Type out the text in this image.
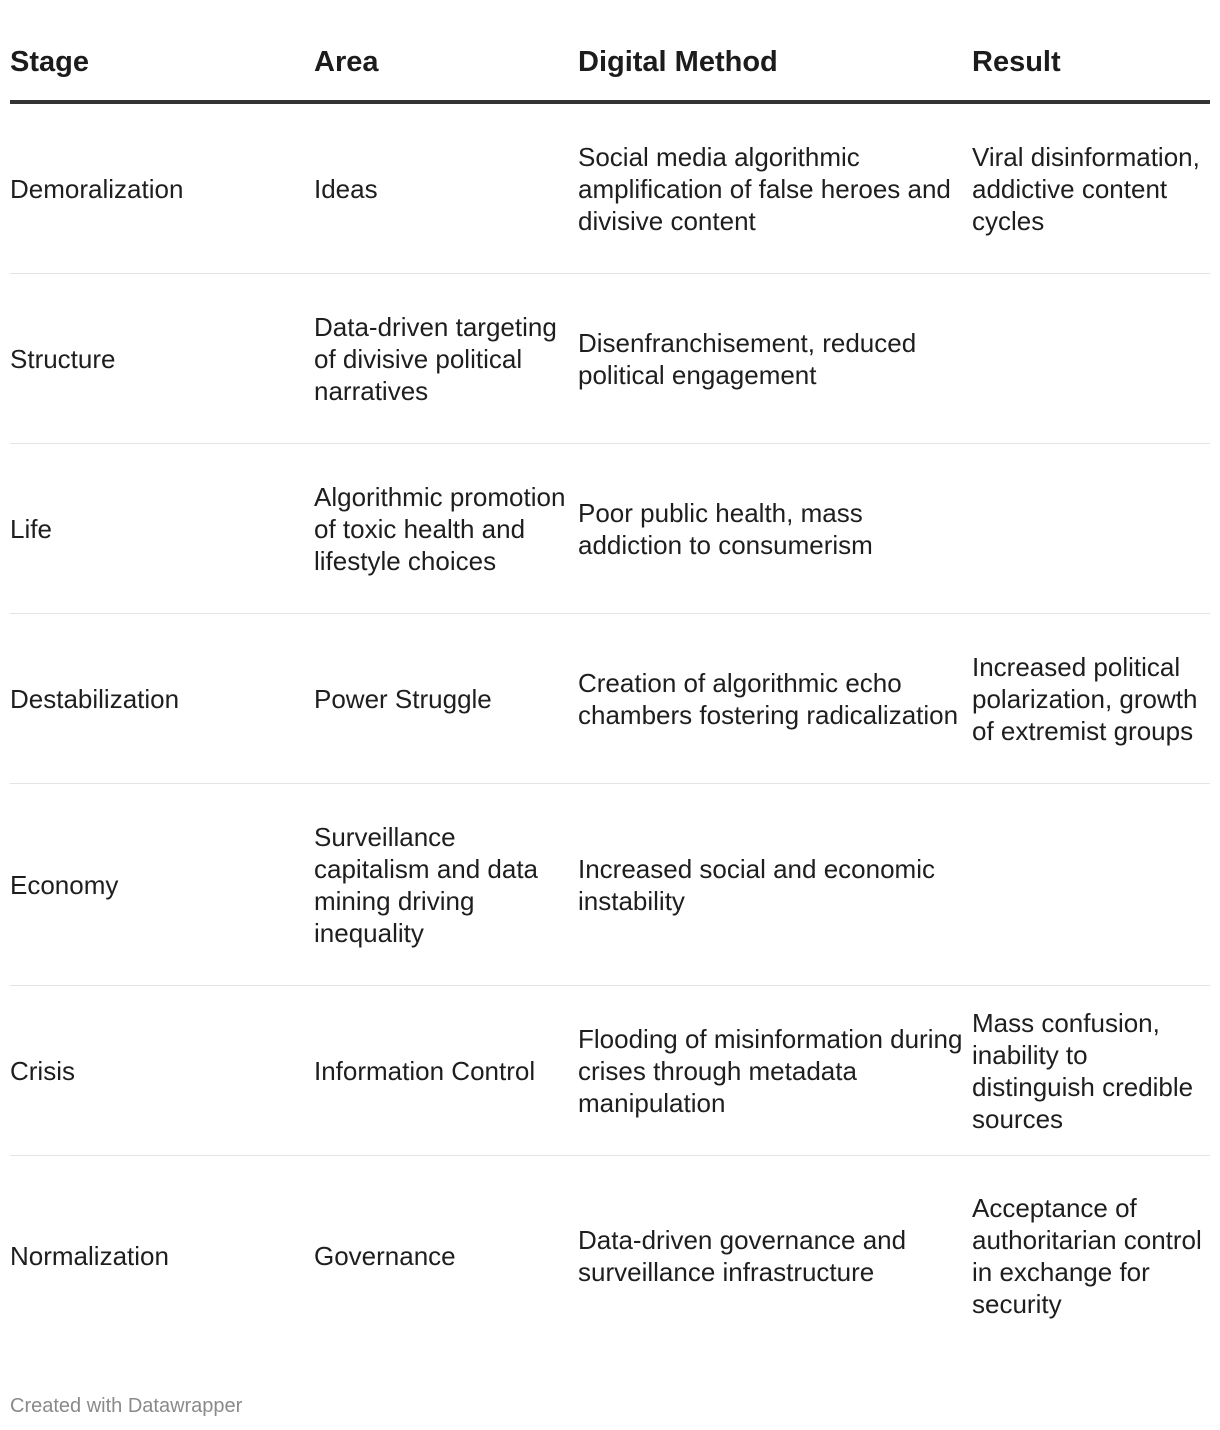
Stage	Area	Digital Method	Result
Demoralization	Ideas	Social media algorithmic amplification of false heroes and divisive content	Viral disinformation, addictive content cycles
Structure	Data-driven targeting of divisive political narratives	Disenfranchisement, reduced political engagement	
Life	Algorithmic promotion of toxic health and lifestyle choices	Poor public health, mass addiction to consumerism	
Destabilization	Power Struggle	Creation of algorithmic echo chambers fostering radicalization	Increased political polarization, growth of extremist groups
Economy	Surveillance capitalism and data mining driving inequality	Increased social and economic instability	
Crisis	Information Control	Flooding of misinformation during crises through metadata manipulation	Mass confusion, inability to distinguish credible sources
Normalization	Governance	Data-driven governance and surveillance infrastructure	Acceptance of authoritarian control in exchange for security
Created with Datawrapper
